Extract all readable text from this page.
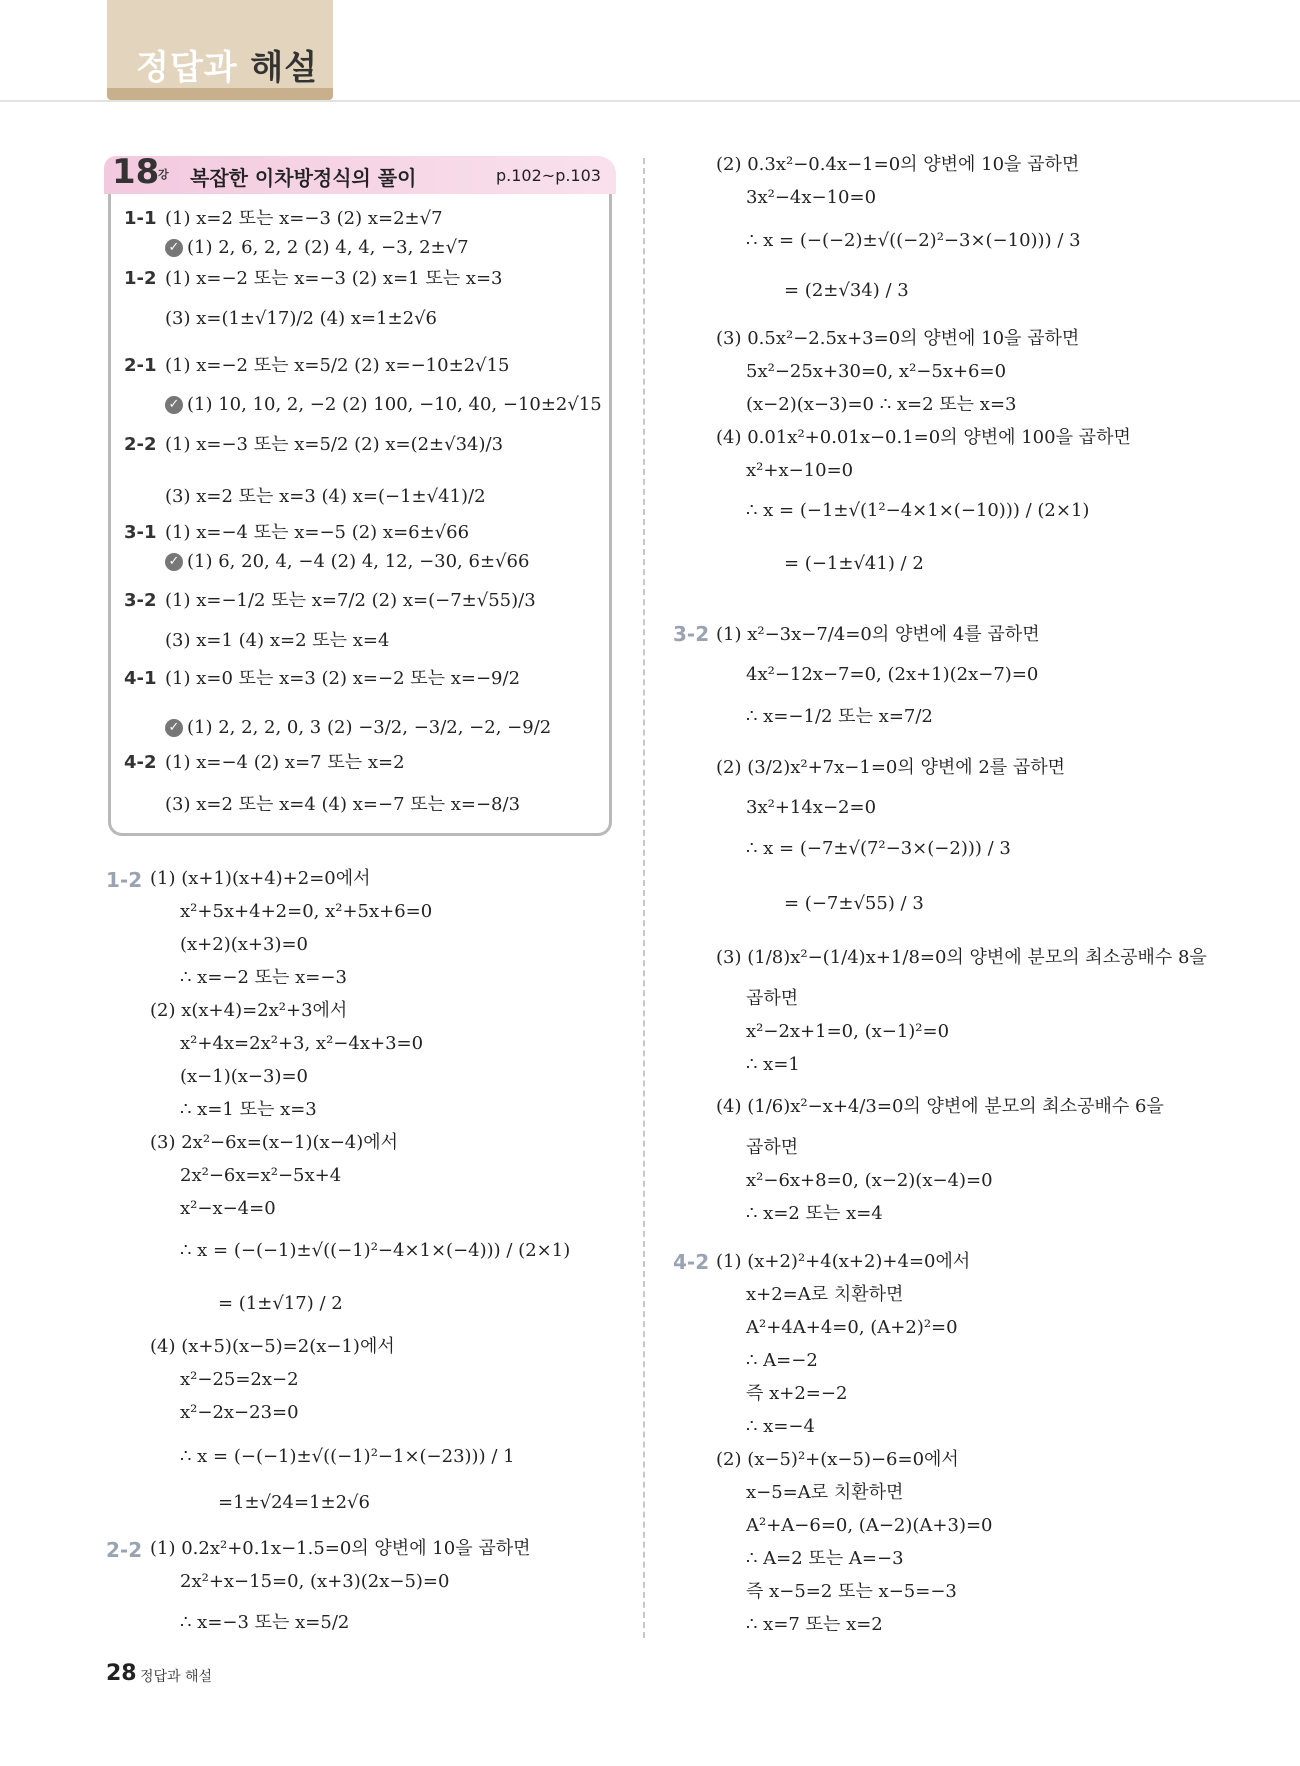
정답과 해설
18
강 복잡한 이차방정식의 풀이	p.102~p.103
1-1 (1) x=2 또는 x=−3 (2) x=2±√7
✓ (1) 2, 6, 2, 2 (2) 4, 4, −3, 2±√7
1-2 (1) x=−2 또는 x=−3 (2) x=1 또는 x=3
(3) x=(1±√17)/2 (4) x=1±2√6
2-1 (1) x=−2 또는 x=5/2 (2) x=−10±2√15
✓ (1) 10, 10, 2, −2 (2) 100, −10, 40, −10±2√15
2-2 (1) x=−3 또는 x=5/2 (2) x=(2±√34)/3
(3) x=2 또는 x=3 (4) x=(−1±√41)/2
3-1 (1) x=−4 또는 x=−5 (2) x=6±√66
✓ (1) 6, 20, 4, −4 (2) 4, 12, −30, 6±√66
3-2 (1) x=−1/2 또는 x=7/2 (2) x=(−7±√55)/3
(3) x=1 (4) x=2 또는 x=4
4-1 (1) x=0 또는 x=3 (2) x=−2 또는 x=−9/2
✓ (1) 2, 2, 2, 0, 3 (2) −3/2, −3/2, −2, −9/2
4-2 (1) x=−4 (2) x=7 또는 x=2
(3) x=2 또는 x=4 (4) x=−7 또는 x=−8/3
1-2 (1) (x+1)(x+4)+2=0에서
x²+5x+4+2=0, x²+5x+6=0
(x+2)(x+3)=0
∴ x=−2 또는 x=−3
(2) x(x+4)=2x²+3에서
x²+4x=2x²+3, x²−4x+3=0
(x−1)(x−3)=0
∴ x=1 또는 x=3
(3) 2x²−6x=(x−1)(x−4)에서
2x²−6x=x²−5x+4
x²−x−4=0
∴ x = (−(−1)±√((−1)²−4×1×(−4))) / (2×1)
= (1±√17) / 2
(4) (x+5)(x−5)=2(x−1)에서
x²−25=2x−2
x²−2x−23=0
∴ x = (−(−1)±√((−1)²−1×(−23))) / 1
=1±√24=1±2√6
2-2 (1) 0.2x²+0.1x−1.5=0의 양변에 10을 곱하면
2x²+x−15=0, (x+3)(2x−5)=0
∴ x=−3 또는 x=5/2
(2) 0.3x²−0.4x−1=0의 양변에 10을 곱하면
3x²−4x−10=0
∴ x = (−(−2)±√((−2)²−3×(−10))) / 3
= (2±√34) / 3
(3) 0.5x²−2.5x+3=0의 양변에 10을 곱하면
5x²−25x+30=0, x²−5x+6=0
(x−2)(x−3)=0 ∴ x=2 또는 x=3
(4) 0.01x²+0.01x−0.1=0의 양변에 100을 곱하면
x²+x−10=0
∴ x = (−1±√(1²−4×1×(−10))) / (2×1)
= (−1±√41) / 2
3-2 (1) x²−3x−7/4=0의 양변에 4를 곱하면
4x²−12x−7=0, (2x+1)(2x−7)=0
∴ x=−1/2 또는 x=7/2
(2) (3/2)x²+7x−1=0의 양변에 2를 곱하면
3x²+14x−2=0
∴ x = (−7±√(7²−3×(−2))) / 3
= (−7±√55) / 3
(3) (1/8)x²−(1/4)x+1/8=0의 양변에 분모의 최소공배수 8을
곱하면
x²−2x+1=0, (x−1)²=0
∴ x=1
(4) (1/6)x²−x+4/3=0의 양변에 분모의 최소공배수 6을
곱하면
x²−6x+8=0, (x−2)(x−4)=0
∴ x=2 또는 x=4
4-2 (1) (x+2)²+4(x+2)+4=0에서
x+2=A로 치환하면
A²+4A+4=0, (A+2)²=0
∴ A=−2
즉 x+2=−2
∴ x=−4
(2) (x−5)²+(x−5)−6=0에서
x−5=A로 치환하면
A²+A−6=0, (A−2)(A+3)=0
∴ A=2 또는 A=−3
즉 x−5=2 또는 x−5=−3
∴ x=7 또는 x=2
28 정답과 해설
